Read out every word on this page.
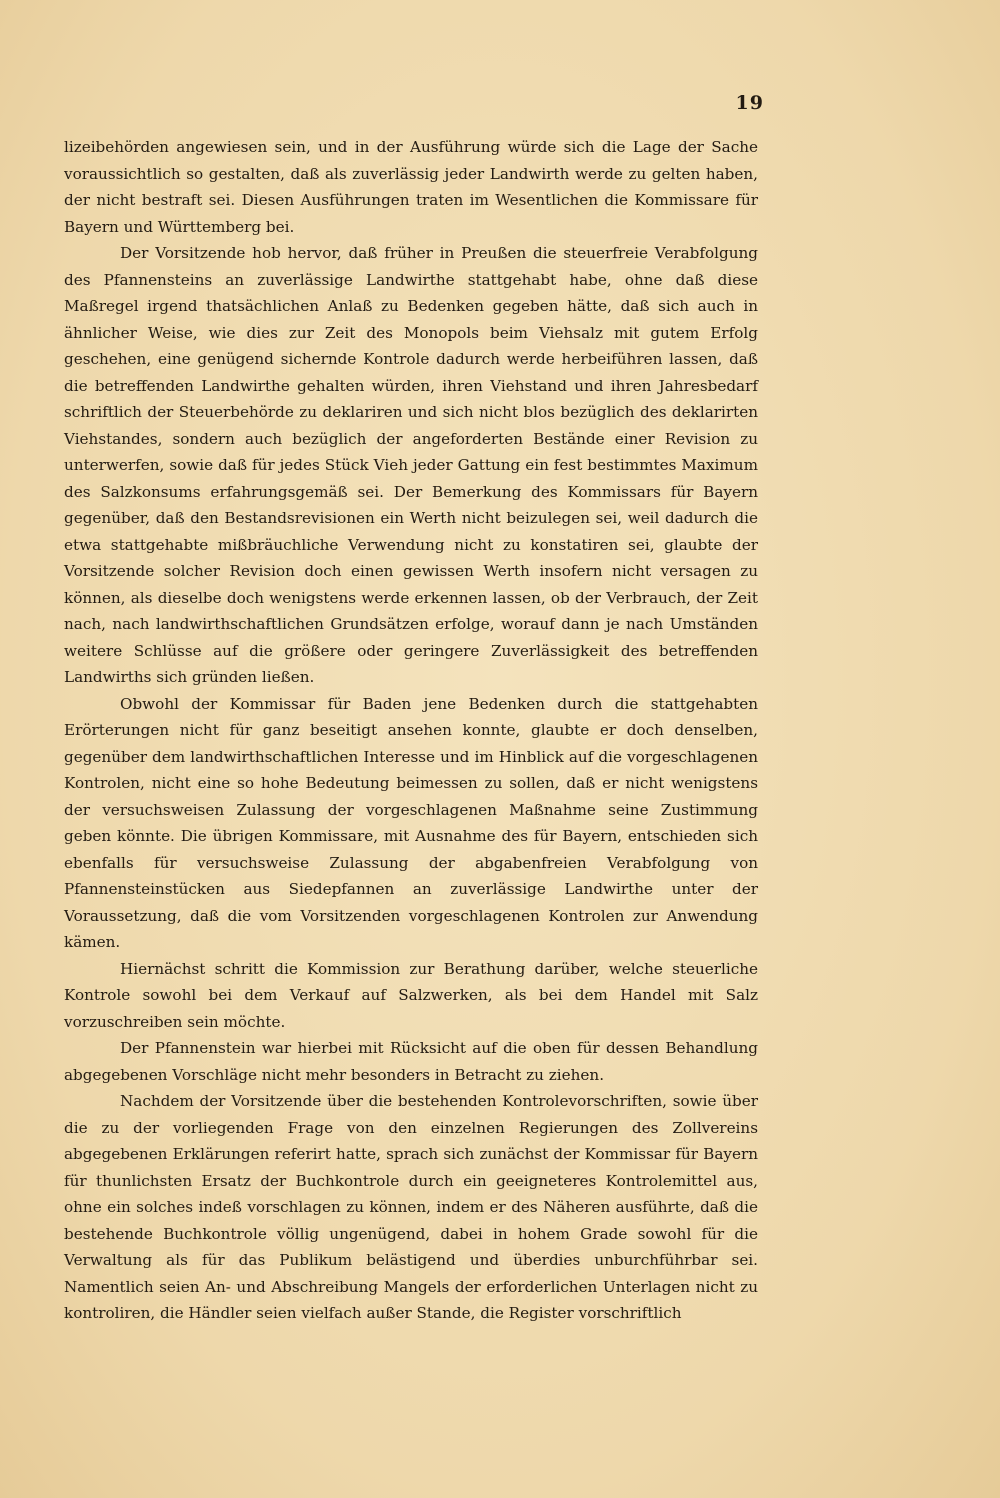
19

lizeibehörden angewiesen sein, und in der Ausführung würde sich die Lage der Sache voraussichtlich so gestalten, daß als zuverlässig jeder Landwirth werde zu gelten haben, der nicht bestraft sei. Diesen Ausführungen traten im Wesentlichen die Kommissare für Bayern und Württemberg bei.

Der Vorsitzende hob hervor, daß früher in Preußen die steuerfreie Verabfolgung des Pfannensteins an zuverlässige Landwirthe stattgehabt habe, ohne daß diese Maßregel irgend thatsächlichen Anlaß zu Bedenken gegeben hätte, daß sich auch in ähnlicher Weise, wie dies zur Zeit des Monopols beim Viehsalz mit gutem Erfolg geschehen, eine genügend sichernde Kontrole dadurch werde herbeiführen lassen, daß die betreffenden Landwirthe gehalten würden, ihren Viehstand und ihren Jahresbedarf schriftlich der Steuerbehörde zu deklariren und sich nicht blos bezüglich des deklarirten Viehstandes, sondern auch bezüglich der angeforderten Bestände einer Revision zu unterwerfen, sowie daß für jedes Stück Vieh jeder Gattung ein fest bestimmtes Maximum des Salzkonsums erfahrungsgemäß sei. Der Bemerkung des Kommissars für Bayern gegenüber, daß den Bestandsrevisionen ein Werth nicht beizulegen sei, weil dadurch die etwa stattgehabte mißbräuchliche Verwendung nicht zu konstatiren sei, glaubte der Vorsitzende solcher Revision doch einen gewissen Werth insofern nicht versagen zu können, als dieselbe doch wenigstens werde erkennen lassen, ob der Verbrauch, der Zeit nach, nach landwirthschaftlichen Grundsätzen erfolge, worauf dann je nach Umständen weitere Schlüsse auf die größere oder geringere Zuverlässigkeit des betreffenden Landwirths sich gründen ließen.

Obwohl der Kommissar für Baden jene Bedenken durch die stattgehabten Erörterungen nicht für ganz beseitigt ansehen konnte, glaubte er doch denselben, gegenüber dem landwirthschaftlichen Interesse und im Hinblick auf die vorgeschlagenen Kontrolen, nicht eine so hohe Bedeutung beimessen zu sollen, daß er nicht wenigstens der versuchsweisen Zulassung der vorgeschlagenen Maßnahme seine Zustimmung geben könnte. Die übrigen Kommissare, mit Ausnahme des für Bayern, entschieden sich ebenfalls für versuchsweise Zulassung der abgabenfreien Verabfolgung von Pfannensteinstücken aus Siedepfannen an zuverlässige Landwirthe unter der Voraussetzung, daß die vom Vorsitzenden vorgeschlagenen Kontrolen zur Anwendung kämen.

Hiernächst schritt die Kommission zur Berathung darüber, welche steuerliche Kontrole sowohl bei dem Verkauf auf Salzwerken, als bei dem Handel mit Salz vorzuschreiben sein möchte.

Der Pfannenstein war hierbei mit Rücksicht auf die oben für dessen Behandlung abgegebenen Vorschläge nicht mehr besonders in Betracht zu ziehen.

Nachdem der Vorsitzende über die bestehenden Kontrolevorschriften, sowie über die zu der vorliegenden Frage von den einzelnen Regierungen des Zollvereins abgegebenen Erklärungen referirt hatte, sprach sich zunächst der Kommissar für Bayern für thunlichsten Ersatz der Buchkontrole durch ein geeigneteres Kontrolemittel aus, ohne ein solches indeß vorschlagen zu können, indem er des Näheren ausführte, daß die bestehende Buchkontrole völlig ungenügend, dabei in hohem Grade sowohl für die Verwaltung als für das Publikum belästigend und überdies unburchführbar sei. Namentlich seien An- und Abschreibung Mangels der erforderlichen Unterlagen nicht zu kontroliren, die Händler seien vielfach außer Stande, die Register vorschriftlich
